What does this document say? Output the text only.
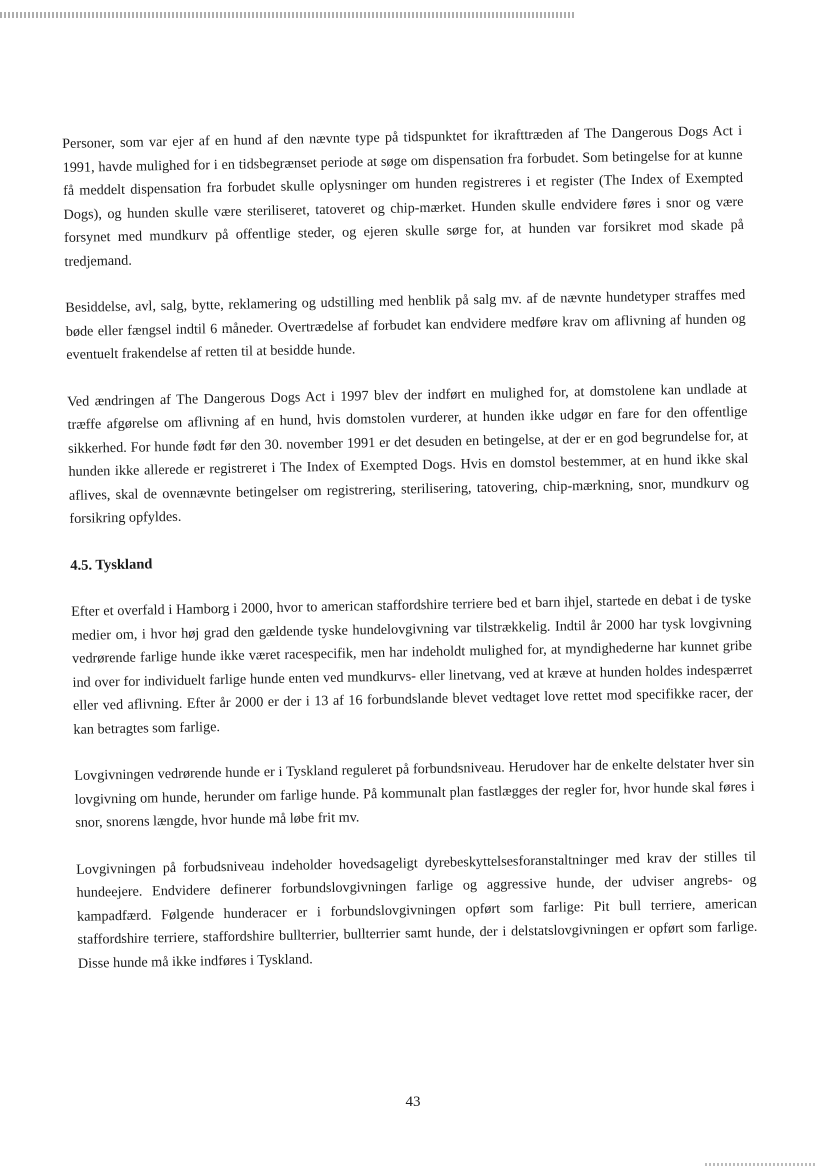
Personer, som var ejer af en hund af den nævnte type på tidspunktet for ikrafttræden af The Dangerous Dogs Act i 1991, havde mulighed for i en tidsbegrænset periode at søge om dispensation fra forbudet. Som betingelse for at kunne få meddelt dispensation fra forbudet skulle oplysninger om hunden registreres i et register (The Index of Exempted Dogs), og hunden skulle være steriliseret, tatoveret og chip-mærket. Hunden skulle endvidere føres i snor og være forsynet med mundkurv på offentlige steder, og ejeren skulle sørge for, at hunden var forsikret mod skade på tredjemand.

Besiddelse, avl, salg, bytte, reklamering og udstilling med henblik på salg mv. af de nævnte hundetyper straffes med bøde eller fængsel indtil 6 måneder. Overtrædelse af forbudet kan endvidere medføre krav om aflivning af hunden og eventuelt frakendelse af retten til at besidde hunde.

Ved ændringen af The Dangerous Dogs Act i 1997 blev der indført en mulighed for, at domstolene kan undlade at træffe afgørelse om aflivning af en hund, hvis domstolen vurderer, at hunden ikke udgør en fare for den offentlige sikkerhed. For hunde født før den 30. november 1991 er det desuden en betingelse, at der er en god begrundelse for, at hunden ikke allerede er registreret i The Index of Exempted Dogs. Hvis en domstol bestemmer, at en hund ikke skal aflives, skal de ovennævnte betingelser om registrering, sterilisering, tatovering, chip-mærkning, snor, mundkurv og forsikring opfyldes.

4.5. Tyskland

Efter et overfald i Hamborg i 2000, hvor to american staffordshire terriere bed et barn ihjel, startede en debat i de tyske medier om, i hvor høj grad den gældende tyske hundelovgivning var tilstrækkelig. Indtil år 2000 har tysk lovgivning vedrørende farlige hunde ikke været racespecifik, men har indeholdt mulighed for, at myndighederne har kunnet gribe ind over for individuelt farlige hunde enten ved mundkurvs- eller linetvang, ved at kræve at hunden holdes indespærret eller ved aflivning. Efter år 2000 er der i 13 af 16 forbundslande blevet vedtaget love rettet mod specifikke racer, der kan betragtes som farlige.

Lovgivningen vedrørende hunde er i Tyskland reguleret på forbundsniveau. Herudover har de enkelte delstater hver sin lovgivning om hunde, herunder om farlige hunde. På kommunalt plan fastlægges der regler for, hvor hunde skal føres i snor, snorens længde, hvor hunde må løbe frit mv.

Lovgivningen på forbudsniveau indeholder hovedsageligt dyrebeskyttelsesforanstaltninger med krav der stilles til hundeejere. Endvidere definerer forbundslovgivningen farlige og aggressive hunde, der udviser angrebs- og kampadfærd. Følgende hunderacer er i forbundslovgivningen opført som farlige: Pit bull terriere, american staffordshire terriere, staffordshire bullterrier, bullterrier samt hunde, der i delstatslovgivningen er opført som farlige. Disse hunde må ikke indføres i Tyskland.

43
